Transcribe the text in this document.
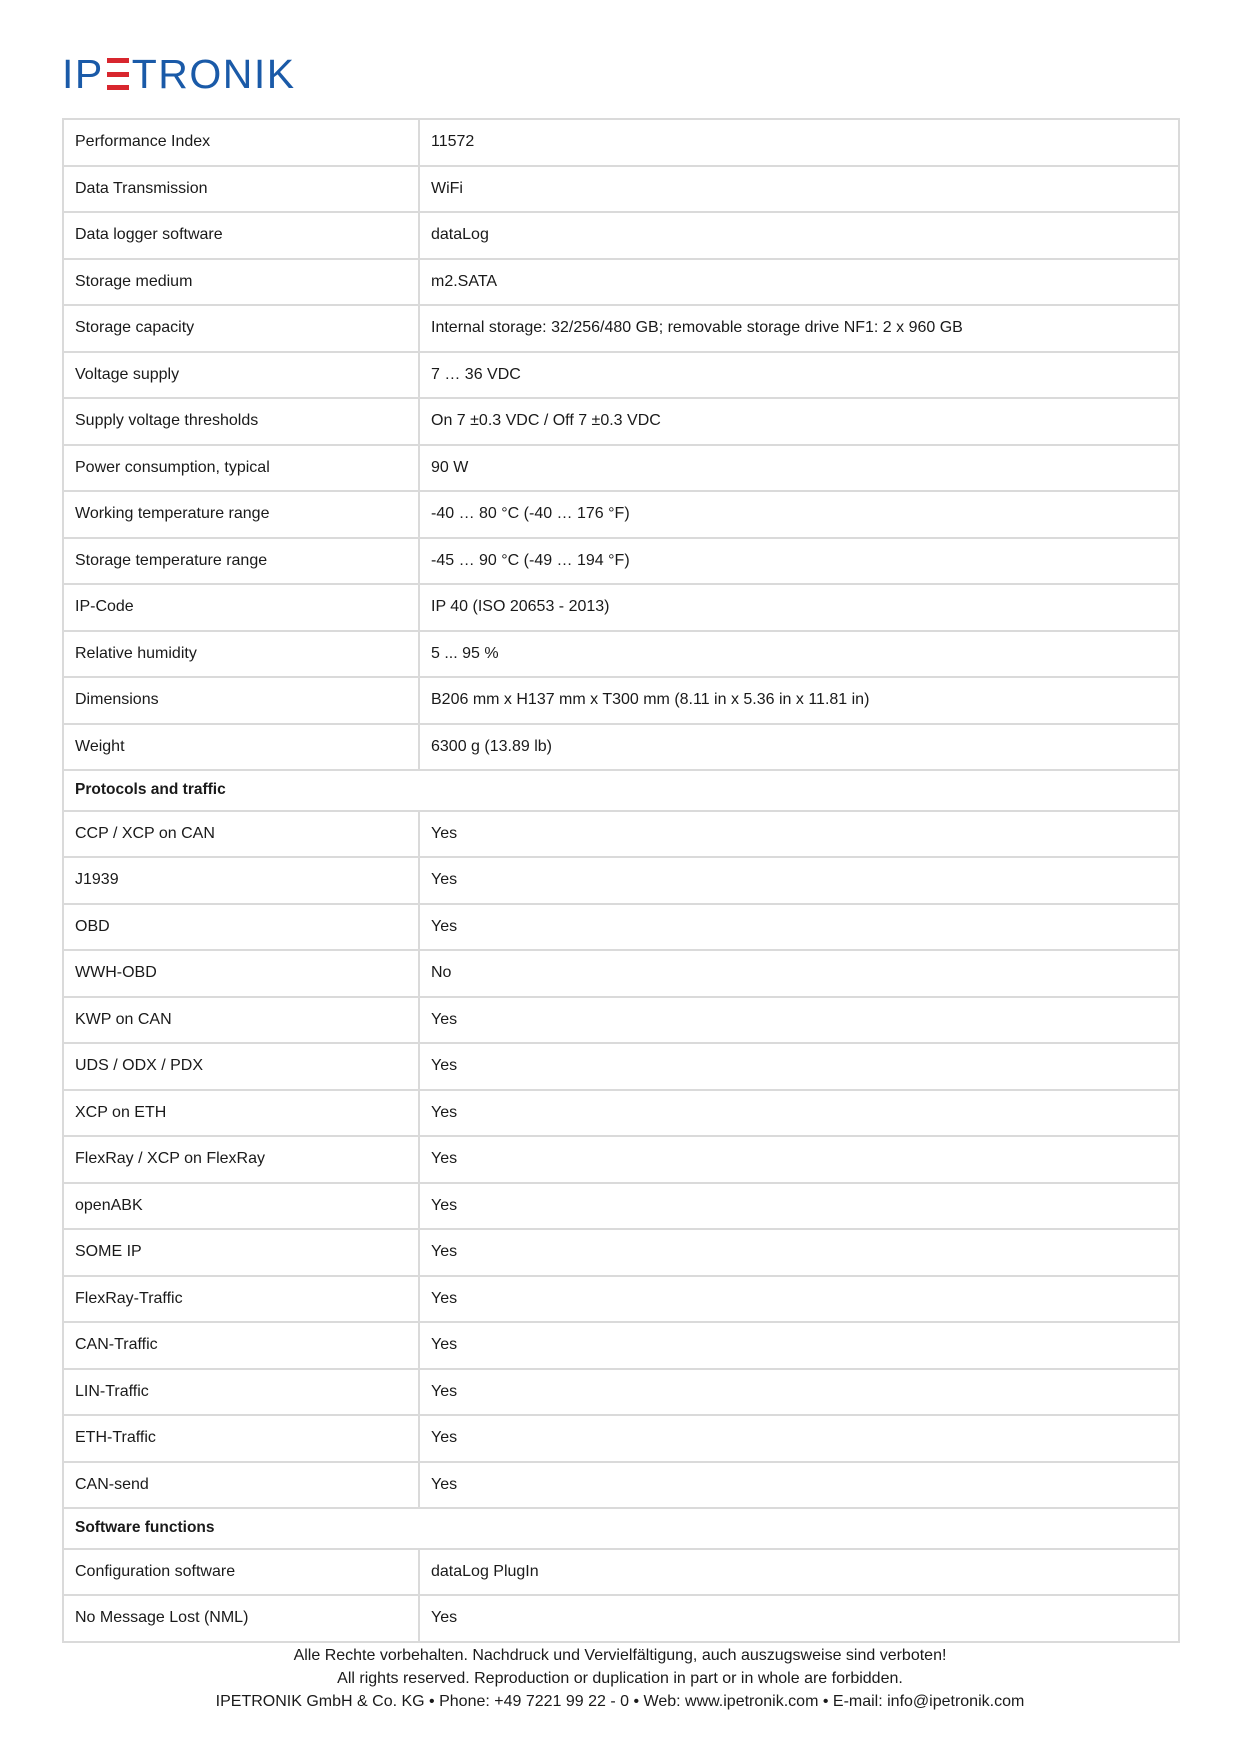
IP TRONIK
Performance Index	11572
Data Transmission	WiFi
Data logger software	dataLog
Storage medium	m2.SATA
Storage capacity	Internal storage: 32/256/480 GB; removable storage drive NF1: 2 x 960 GB
Voltage supply	7 … 36 VDC
Supply voltage thresholds	On 7 ±0.3 VDC / Off 7 ±0.3 VDC
Power consumption, typical	90 W
Working temperature range	-40 … 80 °C (-40 … 176 °F)
Storage temperature range	-45 … 90 °C (-49 … 194 °F)
IP-Code	IP 40 (ISO 20653 - 2013)
Relative humidity	5 ... 95 %
Dimensions	B206 mm x H137 mm x T300 mm (8.11 in x 5.36 in x 11.81 in)
Weight	6300 g (13.89 lb)
Protocols and traffic	
CCP / XCP on CAN	Yes
J1939	Yes
OBD	Yes
WWH-OBD	No
KWP on CAN	Yes
UDS / ODX / PDX	Yes
XCP on ETH	Yes
FlexRay / XCP on FlexRay	Yes
openABK	Yes
SOME IP	Yes
FlexRay-Traffic	Yes
CAN-Traffic	Yes
LIN-Traffic	Yes
ETH-Traffic	Yes
CAN-send	Yes
Software functions	
Configuration software	dataLog PlugIn
No Message Lost (NML)	Yes
Alle Rechte vorbehalten. Nachdruck und Vervielfältigung, auch auszugsweise sind verboten!
All rights reserved. Reproduction or duplication in part or in whole are forbidden.
IPETRONIK GmbH & Co. KG • Phone: +49 7221 99 22 - 0 • Web: www.ipetronik.com • E-mail: info@ipetronik.com
